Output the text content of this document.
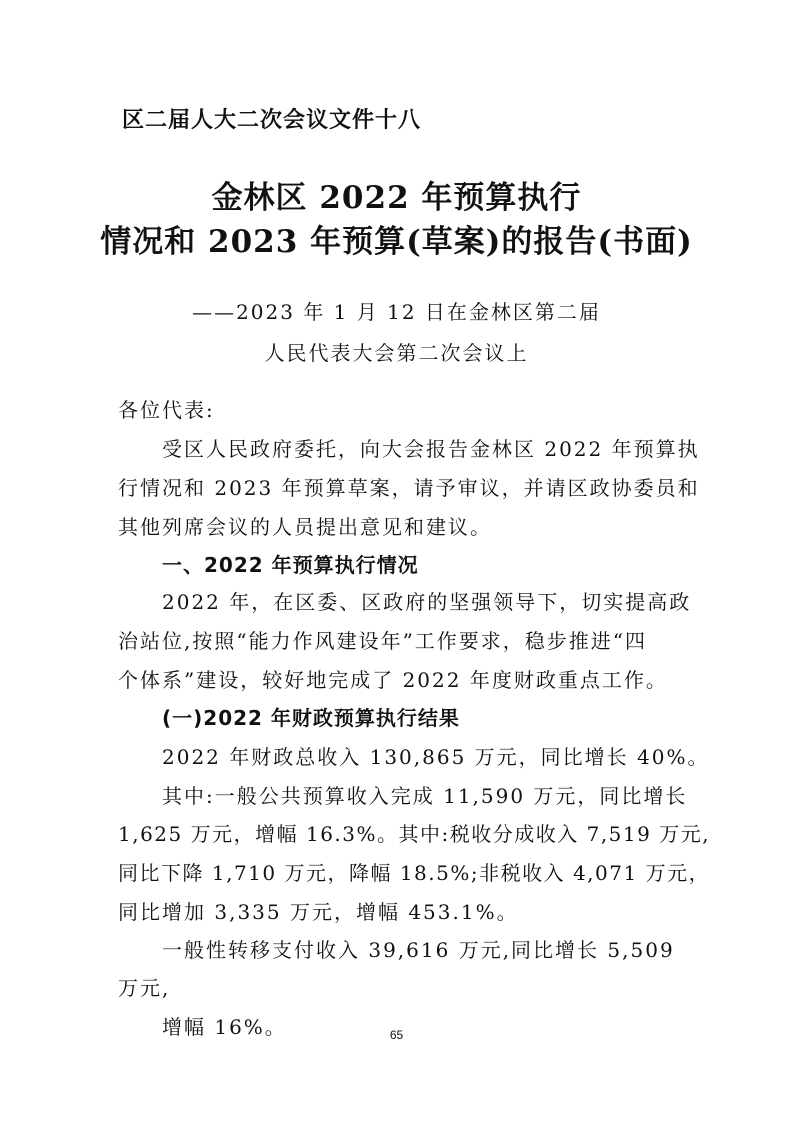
区二届人大二次会议文件十八
金林区 2022 年预算执行
情况和 2023 年预算(草案)的报告(书面)
——2023 年 1 月 12 日在金林区第二届
人民代表大会第二次会议上
各位代表:
受区人民政府委托，向大会报告金林区 2022 年预算执
行情况和 2023 年预算草案，请予审议，并请区政协委员和
其他列席会议的人员提出意见和建议。
一、2022 年预算执行情况
2022 年，在区委、区政府的坚强领导下，切实提高政
治站位,按照“能力作风建设年”工作要求，稳步推进“四
个体系”建设，较好地完成了 2022 年度财政重点工作。
(一)2022 年财政预算执行结果
2022 年财政总收入 130,865 万元，同比增长 40%。
其中:一般公共预算收入完成 11,590 万元，同比增长
1,625 万元，增幅 16.3%。其中:税收分成收入 7,519 万元,
同比下降 1,710 万元，降幅 18.5%;非税收入 4,071 万元，
同比增加 3,335 万元，增幅 453.1%。
一般性转移支付收入 39,616 万元,同比增长 5,509
万元,
增幅 16%。	65
